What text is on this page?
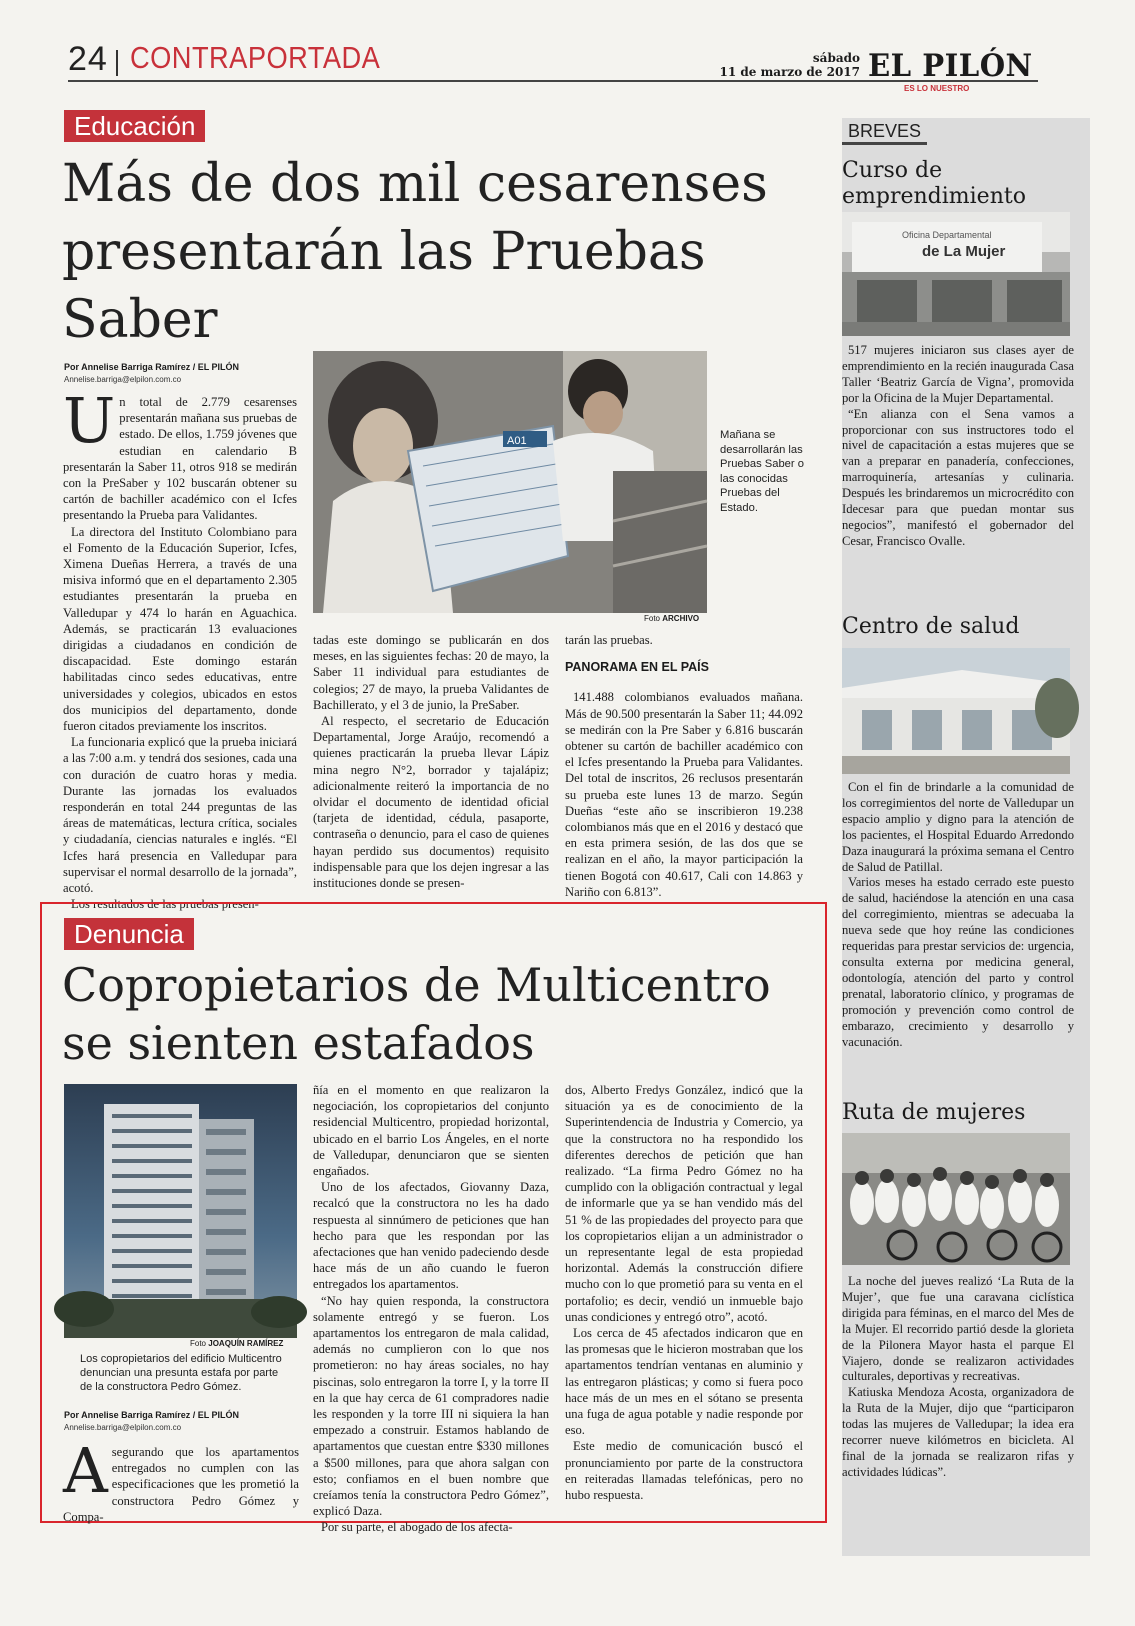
24 CONTRAPORTADA	sábado
11 de marzo de 2017 EL PILÓN
ES LO NUESTRO
Educación
Más de dos mil cesarenses presentarán las Pruebas Saber
Por Annelise Barriga Ramírez / EL PILÓN
Annelise.barriga@elpilon.com.co
A01
Foto ARCHIVO
Mañana se desarrollarán las Pruebas Saber o las conocidas Pruebas del Estado.
U n total de 2.779 cesarenses presentarán mañana sus pruebas de estado. De ellos, 1.759 jóvenes que estudian en calendario B presentarán la Saber 11, otros 918 se medirán con la PreSaber y 102 buscarán obtener su cartón de bachiller académico con el Icfes presentando la Prueba para Validantes.

La directora del Instituto Colombiano para el Fomento de la Educación Superior, Icfes, Ximena Dueñas Herrera, a través de una misiva informó que en el departamento 2.305 estudiantes presentarán la prueba en Valledupar y 474 lo harán en Aguachica. Además, se practicarán 13 evaluaciones dirigidas a ciudadanos en condición de discapacidad. Este domingo estarán habilitadas cinco sedes educativas, entre universidades y colegios, ubicados en estos dos municipios del departamento, donde fueron citados previamente los inscritos.

La funcionaria explicó que la prueba iniciará a las 7:00 a.m. y tendrá dos sesiones, cada una con duración de cuatro horas y media. Durante las jornadas los evaluados responderán en total 244 preguntas de las áreas de matemáticas, lectura crítica, sociales y ciudadanía, ciencias naturales e inglés. “El Icfes hará presencia en Valledupar para supervisar el normal desarrollo de la jornada”, acotó.

Los resultados de las pruebas presen-

tadas este domingo se publicarán en dos meses, en las siguientes fechas: 20 de mayo, la Saber 11 individual para estudiantes de colegios; 27 de mayo, la prueba Validantes de Bachillerato, y el 3 de junio, la PreSaber.

Al respecto, el secretario de Educación Departamental, Jorge Araújo, recomendó a quienes practicarán la prueba llevar Lápiz mina negro N°2, borrador y tajalápiz; adicionalmente reiteró la importancia de no olvidar el documento de identidad oficial (tarjeta de identidad, cédula, pasaporte, contraseña o denuncio, para el caso de quienes hayan perdido sus documentos) requisito indispensable para que los dejen ingresar a las instituciones donde se presen-

tarán las pruebas.

PANORAMA EN EL PAÍS

141.488 colombianos evaluados mañana. Más de 90.500 presentarán la Saber 11; 44.092 se medirán con la Pre Saber y 6.816 buscarán obtener su cartón de bachiller académico con el Icfes presentando la Prueba para Validantes. Del total de inscritos, 26 reclusos presentarán su prueba este lunes 13 de marzo. Según Dueñas “este año se inscribieron 19.238 colombianos más que en el 2016 y destacó que en esta primera sesión, de las dos que se realizan en el año, la mayor participación la tienen Bogotá con 40.617, Cali con 14.863 y Nariño con 6.813”.

Denuncia
Copropietarios de Multicentro se sienten estafados
Foto JOAQUÍN RAMÍREZ
Los copropietarios del edificio Multicentro denuncian una presunta estafa por parte de la constructora Pedro Gómez.
Por Annelise Barriga Ramírez / EL PILÓN
Annelise.barriga@elpilon.com.co
A segurando que los apartamentos entregados no cumplen con las especificaciones que les prometió la constructora Pedro Gómez y Compa-

ñía en el momento en que realizaron la negociación, los copropietarios del conjunto residencial Multicentro, propiedad horizontal, ubicado en el barrio Los Ángeles, en el norte de Valledupar, denunciaron que se sienten engañados.

Uno de los afectados, Giovanny Daza, recalcó que la constructora no les ha dado respuesta al sinnúmero de peticiones que han hecho para que les respondan por las afectaciones que han venido padeciendo desde hace más de un año cuando le fueron entregados los apartamentos.

“No hay quien responda, la constructora solamente entregó y se fueron. Los apartamentos los entregaron de mala calidad, además no cumplieron con lo que nos prometieron: no hay áreas sociales, no hay piscinas, solo entregaron la torre I, y la torre II en la que hay cerca de 61 compradores nadie les responden y la torre III ni siquiera la han empezado a construir. Estamos hablando de apartamentos que cuestan entre $330 millones a $500 millones, para que ahora salgan con esto; confiamos en el buen nombre que creíamos tenía la constructora Pedro Gómez”, explicó Daza.

Por su parte, el abogado de los afecta-

dos, Alberto Fredys González, indicó que la situación ya es de conocimiento de la Superintendencia de Industria y Comercio, ya que la constructora no ha respondido los diferentes derechos de petición que han realizado. “La firma Pedro Gómez no ha cumplido con la obligación contractual y legal de informarle que ya se han vendido más del 51 % de las propiedades del proyecto para que los copropietarios elijan a un administrador o un representante legal de esta propiedad horizontal. Además la construcción difiere mucho con lo que prometió para su venta en el portafolio; es decir, vendió un inmueble bajo unas condiciones y entregó otro”, acotó.

Los cerca de 45 afectados indicaron que en las promesas que le hicieron mostraban que los apartamentos tendrían ventanas en aluminio y las entregaron plásticas; y como si fuera poco hace más de un mes en el sótano se presenta una fuga de agua potable y nadie responde por eso.

Este medio de comunicación buscó el pronunciamiento por parte de la constructora en reiteradas llamadas telefónicas, pero no hubo respuesta.

BREVES
Curso de emprendimiento
Oficina Departamental
de La Mujer

517 mujeres iniciaron sus clases ayer de emprendimiento en la recién inaugurada Casa Taller ‘Beatriz García de Vigna’, promovida por la Oficina de la Mujer Departamental.

“En alianza con el Sena vamos a proporcionar con sus instructores todo el nivel de capacitación a estas mujeres que se van a preparar en panadería, confecciones, marroquinería, artesanías y culinaria. Después les brindaremos un microcrédito con Idecesar para que puedan montar sus negocios”, manifestó el gobernador del Cesar, Francisco Ovalle.

Centro de salud

Con el fin de brindarle a la comunidad de los corregimientos del norte de Valledupar un espacio amplio y digno para la atención de los pacientes, el Hospital Eduardo Arredondo Daza inaugurará la próxima semana el Centro de Salud de Patillal.

Varios meses ha estado cerrado este puesto de salud, haciéndose la atención en una casa del corregimiento, mientras se adecuaba la nueva sede que hoy reúne las condiciones requeridas para prestar servicios de: urgencia, consulta externa por medicina general, odontología, atención del parto y control prenatal, laboratorio clínico, y programas de promoción y prevención como control de embarazo, crecimiento y desarrollo y vacunación.

Ruta de mujeres

La noche del jueves realizó ‘La Ruta de la Mujer’, que fue una caravana ciclística dirigida para féminas, en el marco del Mes de la Mujer. El recorrido partió desde la glorieta de la Pilonera Mayor hasta el parque El Viajero, donde se realizaron actividades culturales, deportivas y recreativas.

Katiuska Mendoza Acosta, organizadora de la Ruta de la Mujer, dijo que “participaron todas las mujeres de Valledupar; la idea era recorrer nueve kilómetros en bicicleta. Al final de la jornada se realizaron rifas y actividades lúdicas”.
